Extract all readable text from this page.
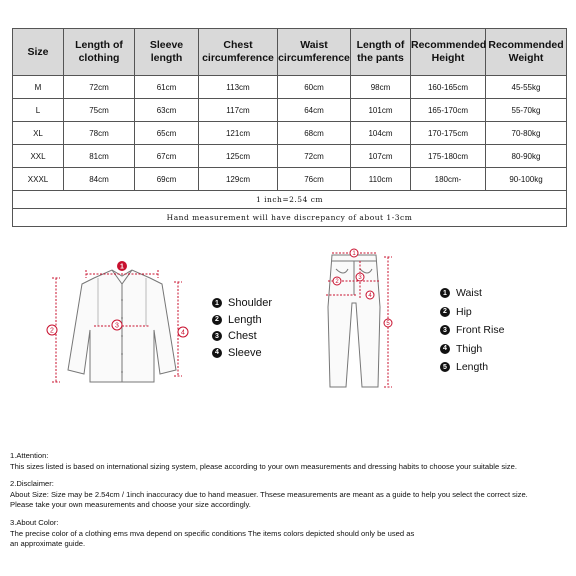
Size	Length of clothing	Sleeve length	Chest circumference	Waist circumference	Length of the pants	Recommended Height	Recommended Weight
M	72cm	61cm	113cm	60cm	98cm	160-165cm	45-55kg
L	75cm	63cm	117cm	64cm	101cm	165-170cm	55-70kg
XL	78cm	65cm	121cm	68cm	104cm	170-175cm	70-80kg
XXL	81cm	67cm	125cm	72cm	107cm	175-180cm	80-90kg
XXXL	84cm	69cm	129cm	76cm	110cm	180cm-	90-100kg
1 inch=2.54 cm							
Hand measurement will have discrepancy of about 1-3cm							
1
2
3
4
1 Shoulder
2 Length
3 Chest
4 Sleeve
1
2
3
4
5
1 Waist
2 Hip
3 Front Rise
4 Thigh
5 Length

1.Attention:

This sizes listed is based on international sizing system, please according to your own measurements and dressing habits to choose your suitable size.

2.Disclaimer:

About Size: Size may be 2.54cm / 1inch inaccuracy due to hand measuer. Thsese measurements are meant as a guide to help you select the correct size.

Please take your own measurements and choose your size accordingly.

3.About Color:

The precise color of a clothing ems mva depend on specific conditions The items colors depicted should only be used as

an approximate guide.
